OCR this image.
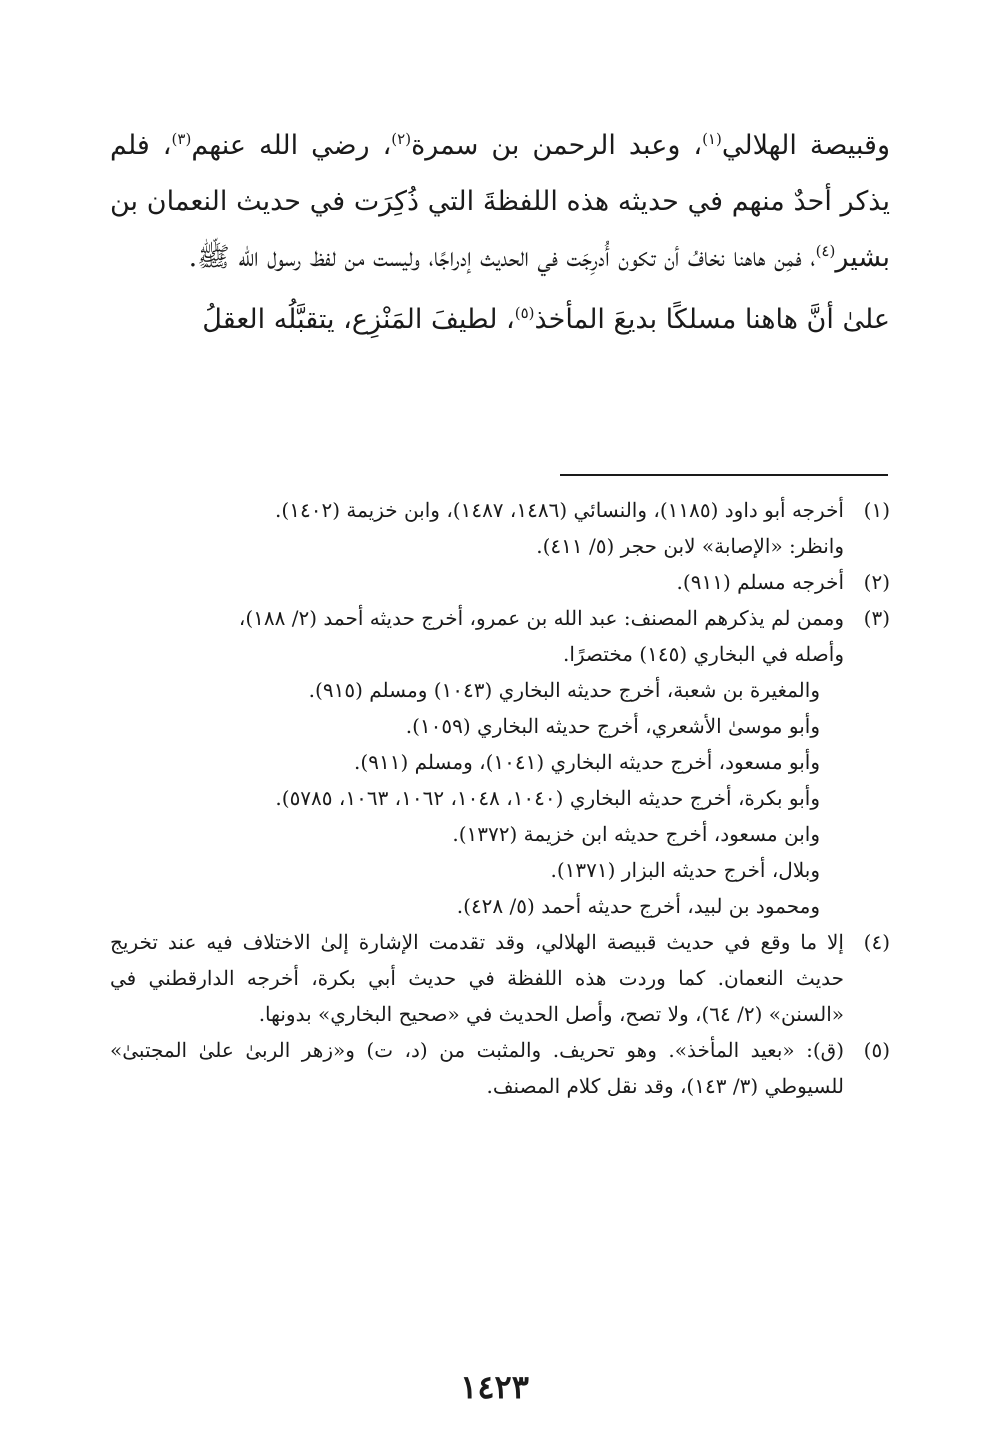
وقبيصة الهلالي$^{(١)}$، وعبد الرحمن بن سمرة$^{(٢)}$، رضي الله عنهم$^{(٣)}$، فلم يذكر أحدٌ منهم في حديثه هذه اللفظةَ التي ذُكِرَت في حديث النعمان بن بشير$^{(٤)}$، فمِن هاهنا نخافُ أن تكون أُدرِجَت في الحديث إدراجًا، وليست من لفظ رسول الله ﷺ.

علىٰ أنَّ هاهنا مسلكًا بديعَ المأخذ$^{(٥)}$، لطيفَ المَنْزِع، يتقبَّلُه العقلُ

(١)
أخرجه أبو داود (١١٨٥)، والنسائي (١٤٨٦، ١٤٨٧)، وابن خزيمة (١٤٠٢).
وانظر: «الإصابة» لابن حجر (٥/ ٤١١).
(٢)
أخرجه مسلم (٩١١).
(٣)
وممن لم يذكرهم المصنف: عبد الله بن عمرو، أخرج حديثه أحمد (٢/ ١٨٨)،
وأصله في البخاري (١٤٥) مختصرًا.
والمغيرة بن شعبة، أخرج حديثه البخاري (١٠٤٣) ومسلم (٩١٥).
وأبو موسىٰ الأشعري، أخرج حديثه البخاري (١٠٥٩).
وأبو مسعود، أخرج حديثه البخاري (١٠٤١)، ومسلم (٩١١).
وأبو بكرة، أخرج حديثه البخاري (١٠٤٠، ١٠٤٨، ١٠٦٢، ١٠٦٣، ٥٧٨٥).
وابن مسعود، أخرج حديثه ابن خزيمة (١٣٧٢).
وبلال، أخرج حديثه البزار (١٣٧١).
ومحمود بن لبيد، أخرج حديثه أحمد (٥/ ٤٢٨).
(٤)
إلا ما وقع في حديث قبيصة الهلالي، وقد تقدمت الإشارة إلىٰ الاختلاف فيه عند تخريج حديث النعمان. كما وردت هذه اللفظة في حديث أبي بكرة، أخرجه الدارقطني في «السنن» (٢/ ٦٤)، ولا تصح، وأصل الحديث في «صحيح البخاري» بدونها.
(٥)
(ق): «بعيد المأخذ». وهو تحريف. والمثبت من (د، ت) و«زهر الربىٰ علىٰ المجتبىٰ» للسيوطي (٣/ ١٤٣)، وقد نقل كلام المصنف.
١٤٢٣
